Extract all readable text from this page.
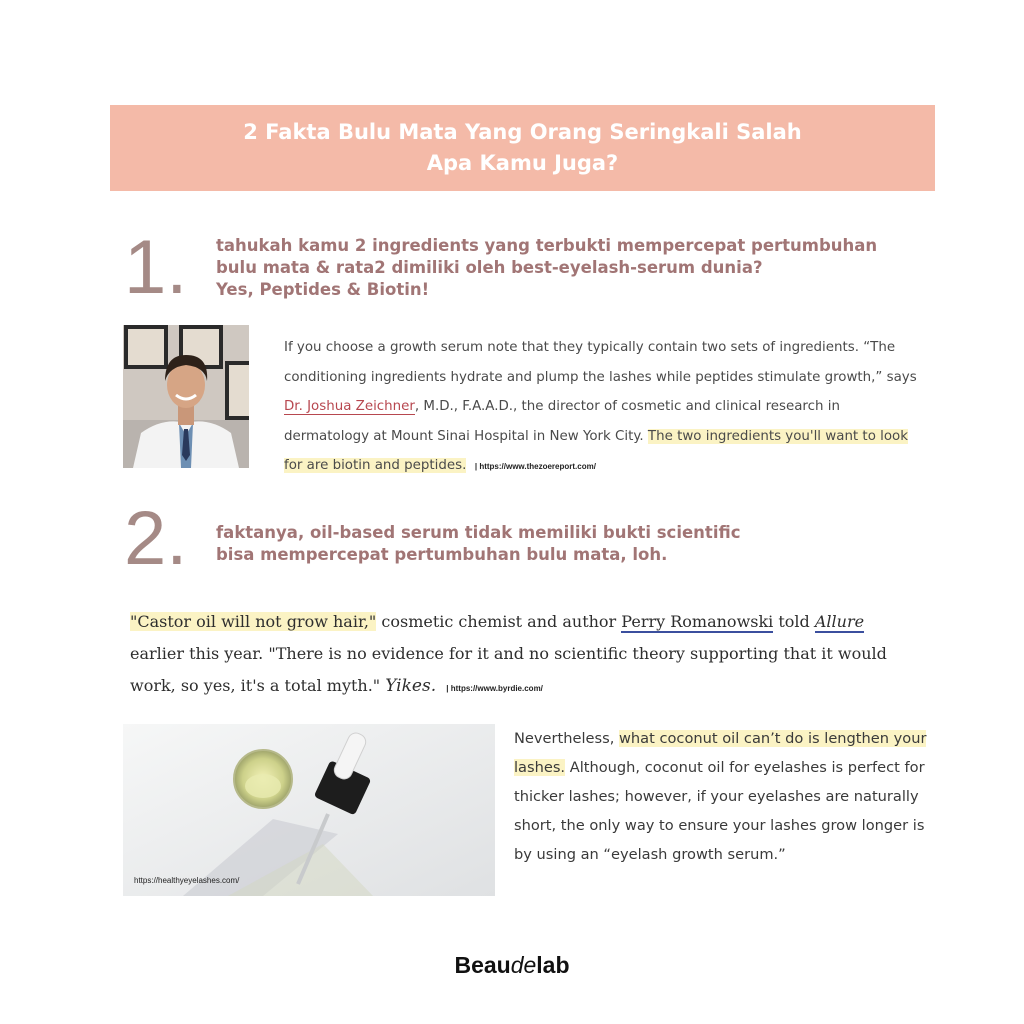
2 Fakta Bulu Mata Yang Orang Seringkali Salah
Apa Kamu Juga?
1. tahukah kamu 2 ingredients yang terbukti mempercepat pertumbuhan
bulu mata & rata2 dimiliki oleh best-eyelash-serum dunia?
Yes, Peptides & Biotin!

If you choose a growth serum note that they typically contain two sets of ingredients. “The conditioning ingredients hydrate and plump the lashes while peptides stimulate growth,” says Dr. Joshua Zeichner, M.D., F.A.A.D., the director of cosmetic and clinical research in dermatology at Mount Sinai Hospital in New York City. The two ingredients you'll want to look for are biotin and peptides. | https://www.thezoereport.com/

2. faktanya, oil-based serum tidak memiliki bukti scientific
bisa mempercepat pertumbuhan bulu mata, loh.

"Castor oil will not grow hair," cosmetic chemist and author Perry Romanowski told Allure earlier this year. "There is no evidence for it and no scientific theory supporting that it would work, so yes, it's a total myth." Yikes. | https://www.byrdie.com/

https://healthyeyelashes.com/

Nevertheless, what coconut oil can’t do is lengthen your lashes. Although, coconut oil for eyelashes is perfect for thicker lashes; however, if your eyelashes are naturally short, the only way to ensure your lashes grow longer is by using an “eyelash growth serum.”

Beaudelab
